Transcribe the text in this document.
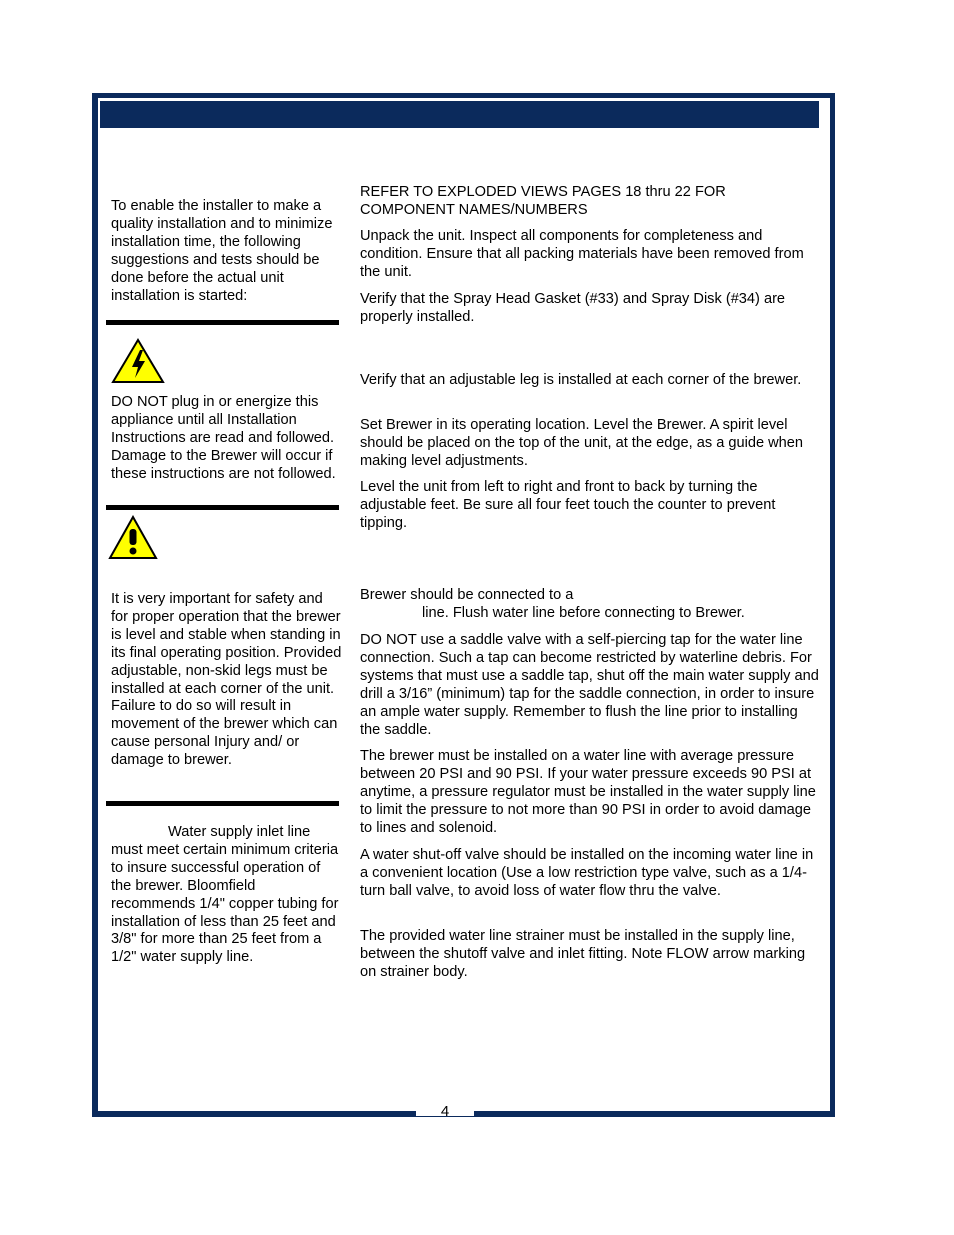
To enable the installer to make a quality installation and to minimize installation time, the following suggestions and tests should be done before the actual unit installation is started:

DO NOT plug in or energize this appliance until all Installation Instructions are read and followed. Damage to the Brewer will occur if these instructions are not followed.

It is very important for safety and for proper operation that the brewer is level and stable when standing in its final operating position. Provided adjustable, non-skid legs must be installed at each corner of the unit. Failure to do so will result in movement of the brewer which can cause personal Injury and/ or damage to brewer.

Water supply inlet line must meet certain minimum criteria to insure successful operation of the brewer. Bloomfield recommends 1/4" copper tubing for installation of less than 25 feet and 3/8" for more than 25 feet from a 1/2" water supply line.

REFER TO EXPLODED VIEWS PAGES 18 thru 22 FOR COMPONENT NAMES/NUMBERS

Unpack the unit. Inspect all components for completeness and condition. Ensure that all packing materials have been removed from the unit.

Verify that the Spray Head Gasket (#33) and Spray Disk (#34) are properly installed.

Verify that an adjustable leg is installed at each corner of the brewer.

Set Brewer in its operating location. Level the Brewer. A spirit level should be placed on the top of the unit, at the edge, as a guide when making level adjustments.

Level the unit from left to right and front to back by turning the adjustable feet. Be sure all four feet touch the counter to prevent tipping.

Brewer should be connected to a

line. Flush water line before connecting to Brewer.

DO NOT use a saddle valve with a self-piercing tap for the water line connection. Such a tap can become restricted by waterline debris. For systems that must use a saddle tap, shut off the main water supply and drill a 3/16” (minimum) tap for the saddle connection, in order to insure an ample water supply. Remember to flush the line prior to installing the saddle.

The brewer must be installed on a water line with average pressure between 20 PSI and 90 PSI. If your water pressure exceeds 90 PSI at anytime, a pressure regulator must be installed in the water supply line to limit the pressure to not more than 90 PSI in order to avoid damage to lines and solenoid.

A water shut-off valve should be installed on the incoming water line in a convenient location (Use a low restriction type valve, such as a 1/4-turn ball valve, to avoid loss of water flow thru the valve.

The provided water line strainer must be installed in the supply line, between the shutoff valve and inlet fitting. Note FLOW arrow marking on strainer body.

4
